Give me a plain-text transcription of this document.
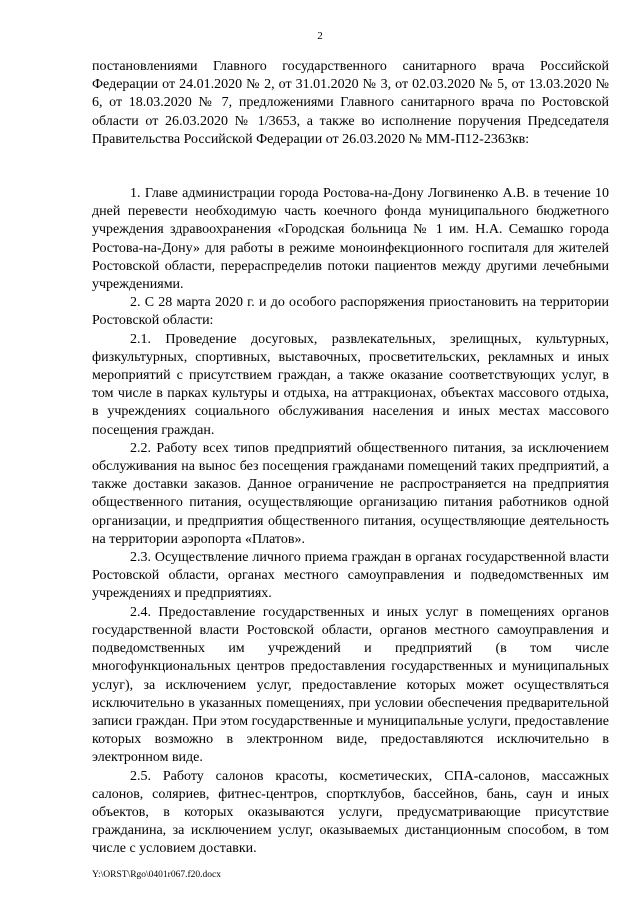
2

постановлениями Главного государственного санитарного врача Российской Федерации от 24.01.2020 № 2, от 31.01.2020 № 3, от 02.03.2020 № 5, от 13.03.2020 № 6, от 18.03.2020 № 7, предложениями Главного санитарного врача по Ростовской области от 26.03.2020 № 1/3653, а также во исполнение поручения Председателя Правительства Российской Федерации от 26.03.2020 № ММ-П12-2363кв:

1. Главе администрации города Ростова-на-Дону Логвиненко А.В. в течение 10 дней перевести необходимую часть коечного фонда муниципального бюджетного учреждения здравоохранения «Городская больница № 1 им. Н.А. Семашко города Ростова-на-Дону» для работы в режиме моноинфекционного госпиталя для жителей Ростовской области, перераспределив потоки пациентов между другими лечебными учреждениями.

2. С 28 марта 2020 г. и до особого распоряжения приостановить на территории Ростовской области:

2.1. Проведение досуговых, развлекательных, зрелищных, культурных, физкультурных, спортивных, выставочных, просветительских, рекламных и иных мероприятий с присутствием граждан, а также оказание соответствующих услуг, в том числе в парках культуры и отдыха, на аттракционах, объектах массового отдыха, в учреждениях социального обслуживания населения и иных местах массового посещения граждан.

2.2. Работу всех типов предприятий общественного питания, за исключением обслуживания на вынос без посещения гражданами помещений таких предприятий, а также доставки заказов. Данное ограничение не распространяется на предприятия общественного питания, осуществляющие организацию питания работников одной организации, и предприятия общественного питания, осуществляющие деятельность на территории аэропорта «Платов».

2.3. Осуществление личного приема граждан в органах государственной власти Ростовской области, органах местного самоуправления и подведомственных им учреждениях и предприятиях.

2.4. Предоставление государственных и иных услуг в помещениях органов государственной власти Ростовской области, органов местного самоуправления и подведомственных им учреждений и предприятий (в том числе многофункциональных центров предоставления государственных и муниципальных услуг), за исключением услуг, предоставление которых может осуществляться исключительно в указанных помещениях, при условии обеспечения предварительной записи граждан. При этом государственные и муниципальные услуги, предоставление которых возможно в электронном виде, предоставляются исключительно в электронном виде.

2.5. Работу салонов красоты, косметических, СПА-салонов, массажных салонов, соляриев, фитнес-центров, спортклубов, бассейнов, бань, саун и иных объектов, в которых оказываются услуги, предусматривающие присутствие гражданина, за исключением услуг, оказываемых дистанционным способом, в том числе с условием доставки.

Y:\ORST\Rgo\0401r067.f20.docx
